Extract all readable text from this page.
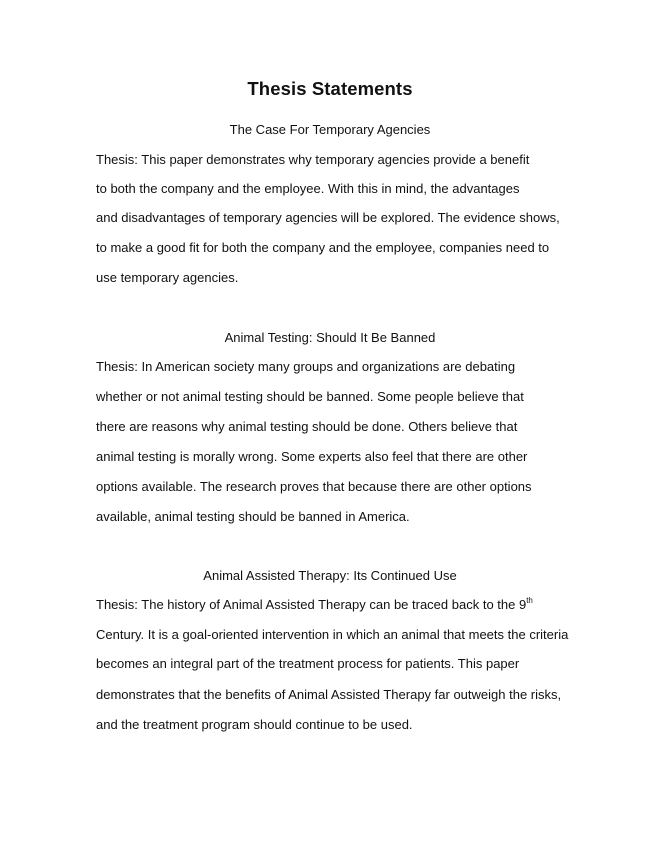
Thesis Statements
The Case For Temporary Agencies
Thesis: This paper demonstrates why temporary agencies provide a benefit
to both the company and the employee. With this in mind, the advantages
and disadvantages of temporary agencies will be explored. The evidence shows,
to make a good fit for both the company and the employee, companies need to
use temporary agencies.
Animal Testing: Should It Be Banned
Thesis: In American society many groups and organizations are debating
whether or not animal testing should be banned. Some people believe that
there are reasons why animal testing should be done. Others believe that
animal testing is morally wrong. Some experts also feel that there are other
options available. The research proves that because there are other options
available, animal testing should be banned in America.
Animal Assisted Therapy: Its Continued Use
Thesis: The history of Animal Assisted Therapy can be traced back to the 9th
Century. It is a goal-oriented intervention in which an animal that meets the criteria
becomes an integral part of the treatment process for patients. This paper
demonstrates that the benefits of Animal Assisted Therapy far outweigh the risks,
and the treatment program should continue to be used.
